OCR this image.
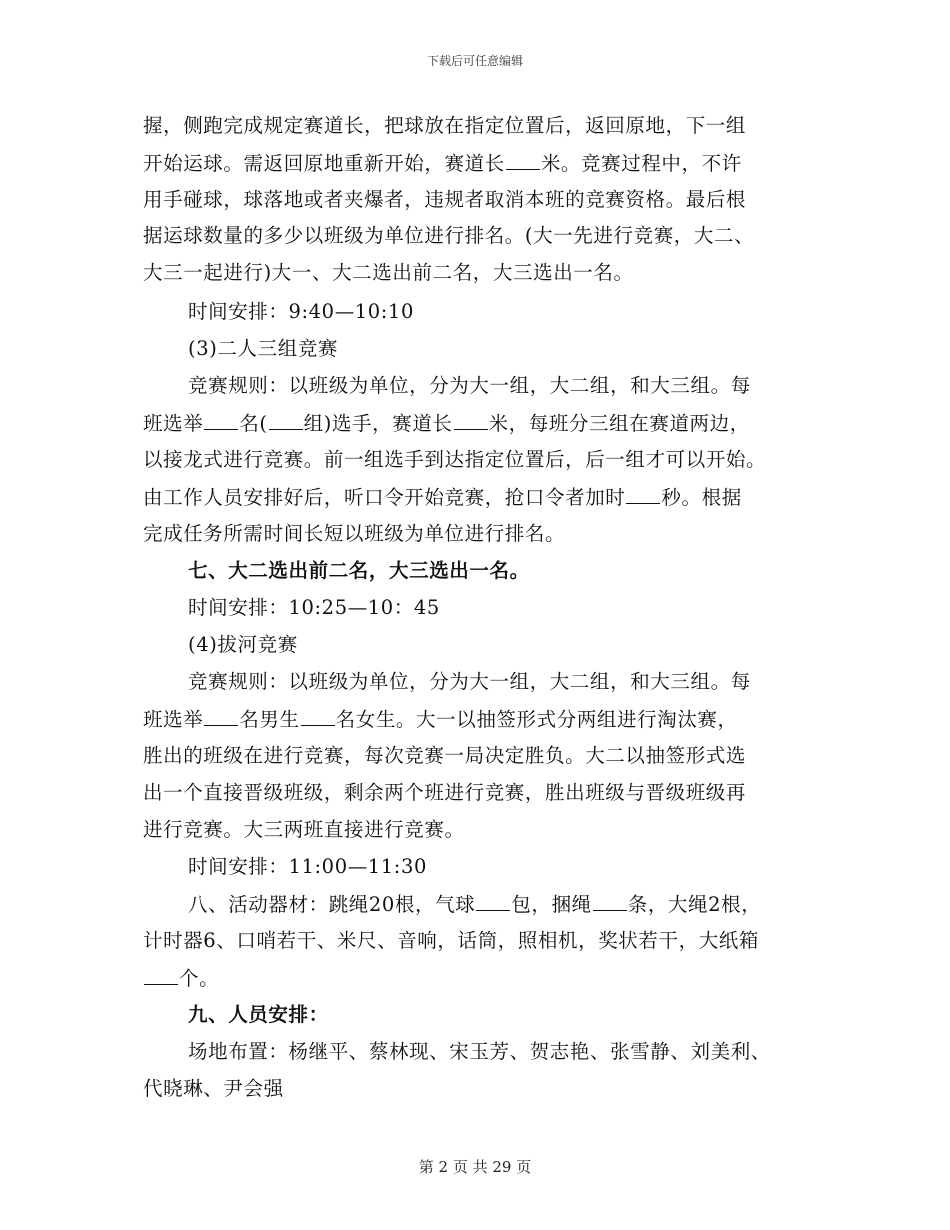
下载后可任意编辑
握，侧跑完成规定赛道长，把球放在指定位置后，返回原地，下一组
开始运球。需返回原地重新开始，赛道长 米。竞赛过程中，不许
用手碰球，球落地或者夹爆者，违规者取消本班的竞赛资格。最后根
据运球数量的多少以班级为单位进行排名。(大一先进行竞赛，大二、
大三一起进行)大一、大二选出前二名，大三选出一名。
时间安排：9:40—10:10
(3)二人三组竞赛
竞赛规则：以班级为单位，分为大一组，大二组，和大三组。每
班选举 名( 组)选手，赛道长 米，每班分三组在赛道两边，
以接龙式进行竞赛。前一组选手到达指定位置后，后一组才可以开始。
由工作人员安排好后，听口令开始竞赛，抢口令者加时 秒。根据
完成任务所需时间长短以班级为单位进行排名。
七、大二选出前二名，大三选出一名。
时间安排：10:25—10：45
(4)拔河竞赛
竞赛规则：以班级为单位，分为大一组，大二组，和大三组。每
班选举 名男生 名女生。大一以抽签形式分两组进行淘汰赛，
胜出的班级在进行竞赛，每次竞赛一局决定胜负。大二以抽签形式选
出一个直接晋级班级，剩余两个班进行竞赛，胜出班级与晋级班级再
进行竞赛。大三两班直接进行竞赛。
时间安排：11:00—11:30
八、活动器材：跳绳20根，气球 包，捆绳 条，大绳2根，
计时器6、口哨若干、米尺、音响，话筒，照相机，奖状若干，大纸箱
个。
九、人员安排：
场地布置：杨继平、蔡林现、宋玉芳、贺志艳、张雪静、刘美利、
代晓琳、尹会强
第 2 页 共 29 页
